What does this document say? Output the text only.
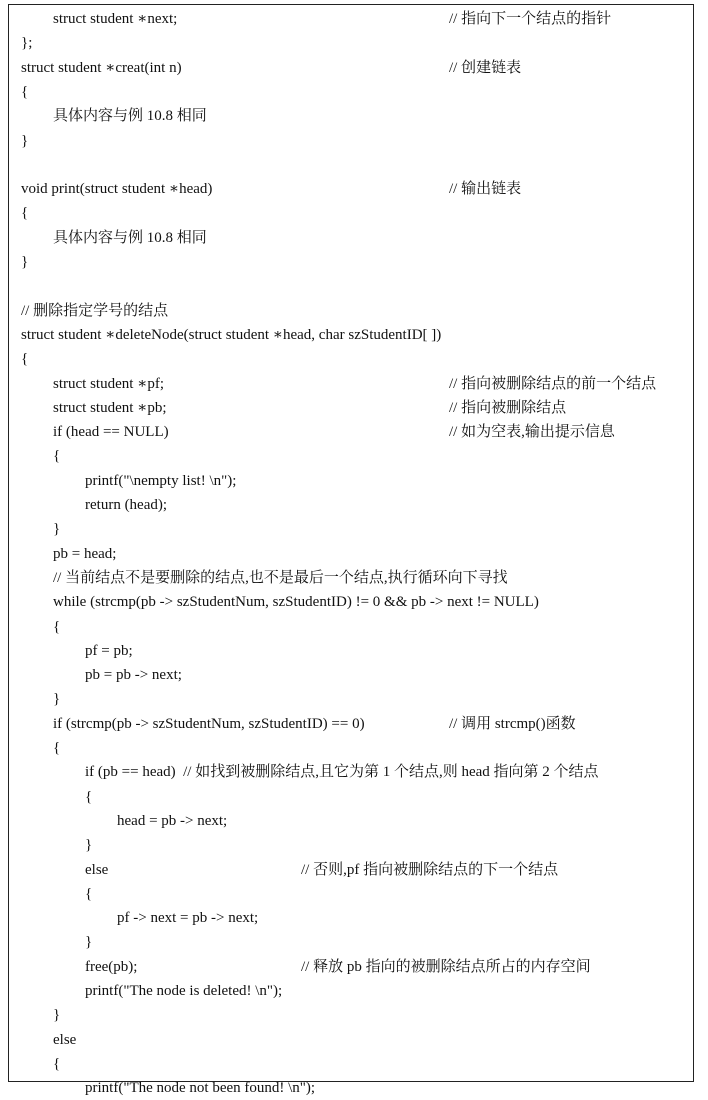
struct student ∗next;	// 指向下一个结点的指针
};
struct student ∗creat(int n)	// 创建链表
{
具体内容与例 10.8 相同
}
void print(struct student ∗head)	// 输出链表
{
具体内容与例 10.8 相同
}
// 删除指定学号的结点
struct student ∗deleteNode(struct student ∗head, char szStudentID[ ])
{
struct student ∗pf;	// 指向被删除结点的前一个结点
struct student ∗pb;	// 指向被删除结点
if (head == NULL)	// 如为空表,输出提示信息
{
printf("\nempty list! \n");
return (head);
}
pb = head;
// 当前结点不是要删除的结点,也不是最后一个结点,执行循环向下寻找
while (strcmp(pb -> szStudentNum, szStudentID) != 0 && pb -> next != NULL)
{
pf = pb;
pb = pb -> next;
}
if (strcmp(pb -> szStudentNum, szStudentID) == 0)	// 调用 strcmp()函数
{
if (pb == head)  // 如找到被删除结点,且它为第 1 个结点,则 head 指向第 2 个结点
{
head = pb -> next;
}
else	// 否则,pf 指向被删除结点的下一个结点
{
pf -> next = pb -> next;
}
free(pb);	// 释放 pb 指向的被删除结点所占的内存空间
printf("The node is deleted! \n");
}
else
{
printf("The node not been found! \n");
